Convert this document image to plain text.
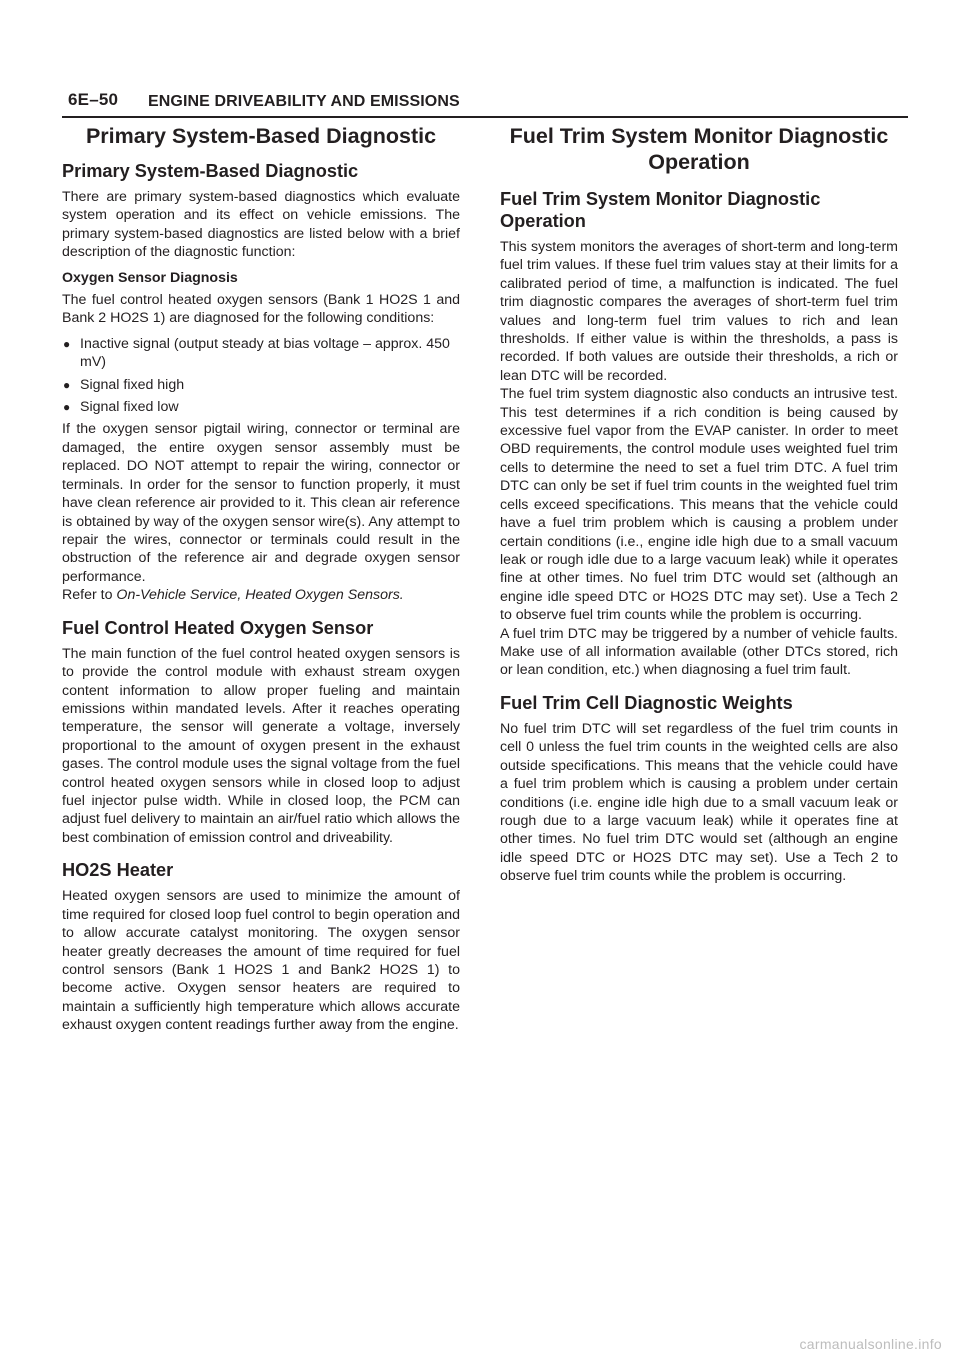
6E–50 ENGINE DRIVEABILITY AND EMISSIONS
Primary System-Based Diagnostic
Primary System-Based Diagnostic

There are primary system-based diagnostics which evaluate system operation and its effect on vehicle emissions. The primary system-based diagnostics are listed below with a brief description of the diagnostic function:

Oxygen Sensor Diagnosis

The fuel control heated oxygen sensors (Bank 1 HO2S 1 and Bank 2 HO2S 1) are diagnosed for the following conditions:

● Inactive signal (output steady at bias voltage – approx. 450 mV)
● Signal fixed high
● Signal fixed low

If the oxygen sensor pigtail wiring, connector or terminal are damaged, the entire oxygen sensor assembly must be replaced. DO NOT attempt to repair the wiring, connector or terminals. In order for the sensor to function properly, it must have clean reference air provided to it. This clean air reference is obtained by way of the oxygen sensor wire(s). Any attempt to repair the wires, connector or terminals could result in the obstruction of the reference air and degrade oxygen sensor performance.

Refer to On-Vehicle Service, Heated Oxygen Sensors.

Fuel Control Heated Oxygen Sensor

The main function of the fuel control heated oxygen sensors is to provide the control module with exhaust stream oxygen content information to allow proper fueling and maintain emissions within mandated levels. After it reaches operating temperature, the sensor will generate a voltage, inversely proportional to the amount of oxygen present in the exhaust gases. The control module uses the signal voltage from the fuel control heated oxygen sensors while in closed loop to adjust fuel injector pulse width. While in closed loop, the PCM can adjust fuel delivery to maintain an air/fuel ratio which allows the best combination of emission control and driveability.

HO2S Heater

Heated oxygen sensors are used to minimize the amount of time required for closed loop fuel control to begin operation and to allow accurate catalyst monitoring. The oxygen sensor heater greatly decreases the amount of time required for fuel control sensors (Bank 1 HO2S 1 and Bank2 HO2S 1) to become active. Oxygen sensor heaters are required to maintain a sufficiently high temperature which allows accurate exhaust oxygen content readings further away from the engine.

Fuel Trim System Monitor Diagnostic Operation
Fuel Trim System Monitor Diagnostic Operation

This system monitors the averages of short-term and long-term fuel trim values. If these fuel trim values stay at their limits for a calibrated period of time, a malfunction is indicated. The fuel trim diagnostic compares the averages of short-term fuel trim values and long-term fuel trim values to rich and lean thresholds. If either value is within the thresholds, a pass is recorded. If both values are outside their thresholds, a rich or lean DTC will be recorded.

The fuel trim system diagnostic also conducts an intrusive test. This test determines if a rich condition is being caused by excessive fuel vapor from the EVAP canister. In order to meet OBD requirements, the control module uses weighted fuel trim cells to determine the need to set a fuel trim DTC. A fuel trim DTC can only be set if fuel trim counts in the weighted fuel trim cells exceed specifications. This means that the vehicle could have a fuel trim problem which is causing a problem under certain conditions (i.e., engine idle high due to a small vacuum leak or rough idle due to a large vacuum leak) while it operates fine at other times. No fuel trim DTC would set (although an engine idle speed DTC or HO2S DTC may set). Use a Tech 2 to observe fuel trim counts while the problem is occurring.

A fuel trim DTC may be triggered by a number of vehicle faults. Make use of all information available (other DTCs stored, rich or lean condition, etc.) when diagnosing a fuel trim fault.

Fuel Trim Cell Diagnostic Weights

No fuel trim DTC will set regardless of the fuel trim counts in cell 0 unless the fuel trim counts in the weighted cells are also outside specifications. This means that the vehicle could have a fuel trim problem which is causing a problem under certain conditions (i.e. engine idle high due to a small vacuum leak or rough due to a large vacuum leak) while it operates fine at other times. No fuel trim DTC would set (although an engine idle speed DTC or HO2S DTC may set). Use a Tech 2 to observe fuel trim counts while the problem is occurring.

carmanualsonline.info
